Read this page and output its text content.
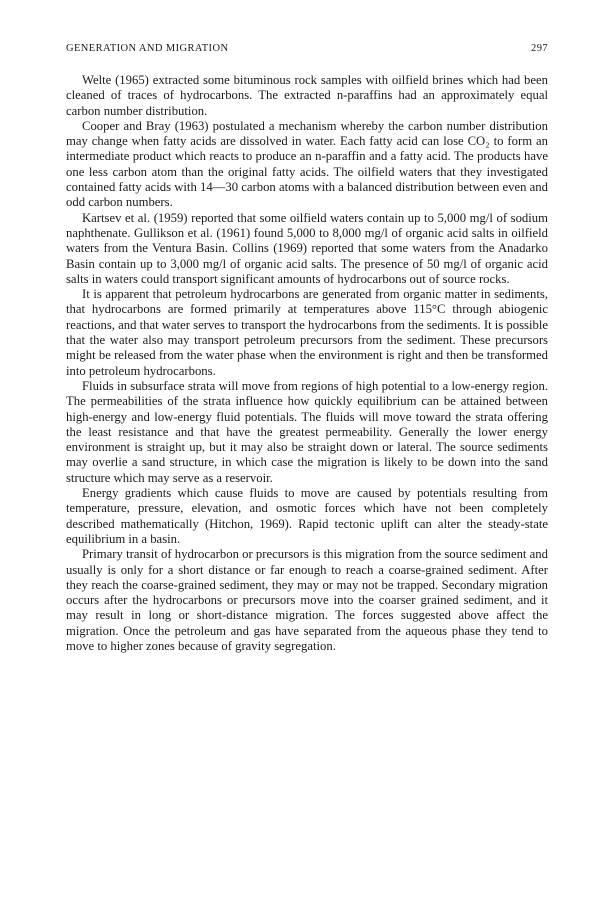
GENERATION AND MIGRATION	297

Welte (1965) extracted some bituminous rock samples with oilfield brines which had been cleaned of traces of hydrocarbons. The extracted n-paraffins had an approximately equal carbon number distribution.

Cooper and Bray (1963) postulated a mechanism whereby the carbon number distribution may change when fatty acids are dissolved in water. Each fatty acid can lose CO₂ to form an intermediate product which reacts to produce an n-paraffin and a fatty acid. The products have one less carbon atom than the original fatty acids. The oilfield waters that they investigated contained fatty acids with 14—30 carbon atoms with a balanced distribution between even and odd carbon numbers.

Kartsev et al. (1959) reported that some oilfield waters contain up to 5,000 mg/l of sodium naphthenate. Gullikson et al. (1961) found 5,000 to 8,000 mg/l of organic acid salts in oilfield waters from the Ventura Basin. Collins (1969) reported that some waters from the Anadarko Basin contain up to 3,000 mg/l of organic acid salts. The presence of 50 mg/l of organic acid salts in waters could transport significant amounts of hydrocarbons out of source rocks.

It is apparent that petroleum hydrocarbons are generated from organic matter in sediments, that hydrocarbons are formed primarily at temperatures above 115°C through abiogenic reactions, and that water serves to transport the hydrocarbons from the sediments. It is possible that the water also may transport petroleum precursors from the sediment. These precursors might be released from the water phase when the environment is right and then be transformed into petroleum hydrocarbons.

Fluids in subsurface strata will move from regions of high potential to a low-energy region. The permeabilities of the strata influence how quickly equilibrium can be attained between high-energy and low-energy fluid potentials. The fluids will move toward the strata offering the least resistance and that have the greatest permeability. Generally the lower energy environment is straight up, but it may also be straight down or lateral. The source sediments may overlie a sand structure, in which case the migration is likely to be down into the sand structure which may serve as a reservoir.

Energy gradients which cause fluids to move are caused by potentials resulting from temperature, pressure, elevation, and osmotic forces which have not been completely described mathematically (Hitchon, 1969). Rapid tectonic uplift can alter the steady-state equilibrium in a basin.

Primary transit of hydrocarbon or precursors is this migration from the source sediment and usually is only for a short distance or far enough to reach a coarse-grained sediment. After they reach the coarse-grained sediment, they may or may not be trapped. Secondary migration occurs after the hydrocarbons or precursors move into the coarser grained sediment, and it may result in long or short-distance migration. The forces suggested above affect the migration. Once the petroleum and gas have separated from the aqueous phase they tend to move to higher zones because of gravity segregation.
